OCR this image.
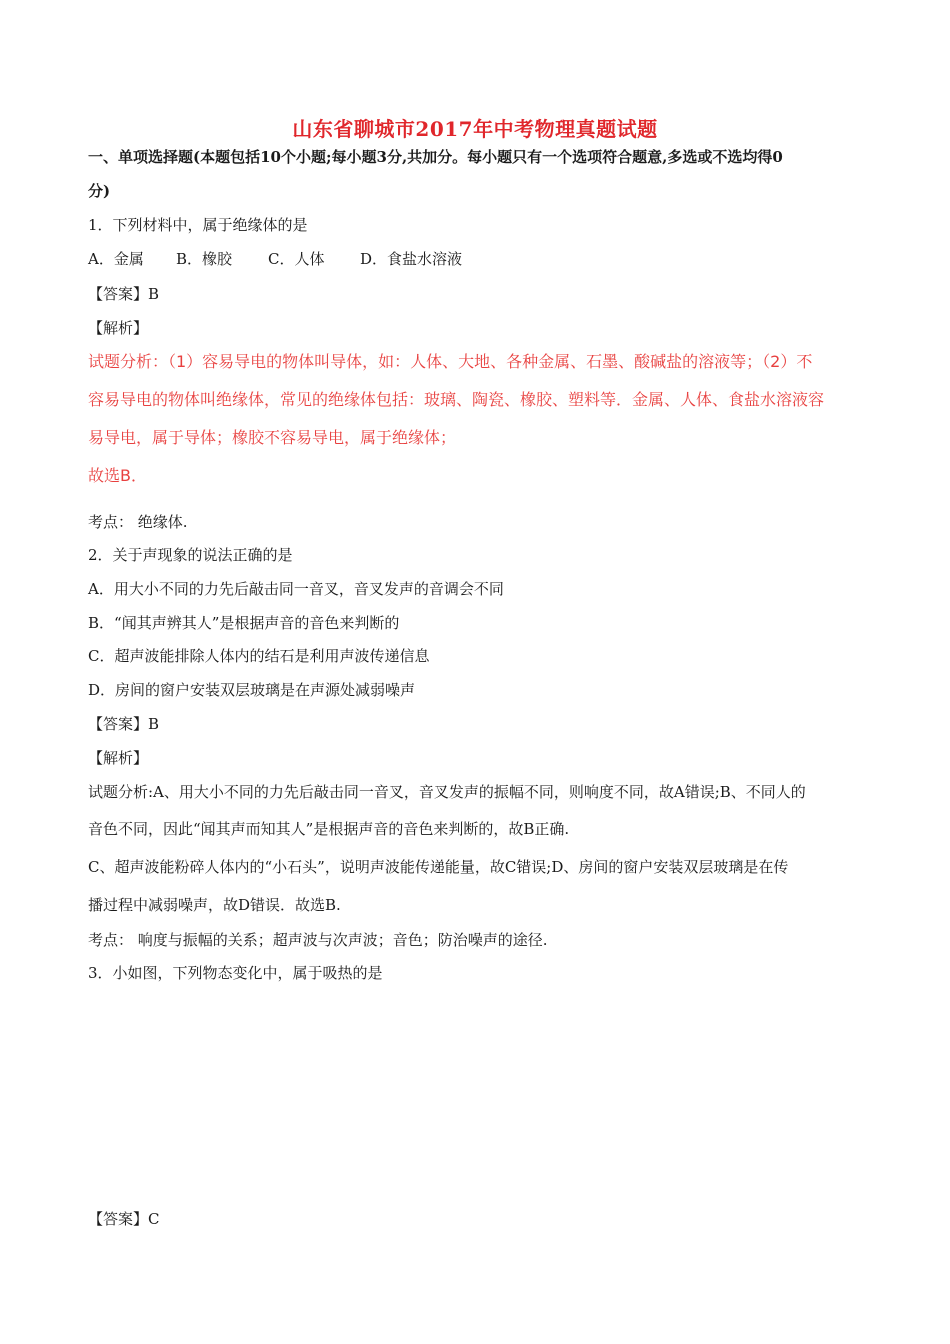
山东省聊城市2017年中考物理真题试题
一、单项选择题(本题包括10个小题;每小题3分,共加分。每小题只有一个选项符合题意,多选或不选均得0
分)
1．下列材料中，属于绝缘体的是
A．金属 B．橡胶 C．人体 D．食盐水溶液
【答案】B
【解析】
试题分析：（1）容易导电的物体叫导体，如：人体、大地、各种金属、石墨、酸碱盐的溶液等；（2）不
容易导电的物体叫绝缘体，常见的绝缘体包括：玻璃、陶瓷、橡胶、塑料等．金属、人体、食盐水溶液容
易导电，属于导体；橡胶不容易导电，属于绝缘体；
故选B．
考点： 绝缘体.
2．关于声现象的说法正确的是
A．用大小不同的力先后敲击同一音叉，音叉发声的音调会不同
B．“闻其声辨其人”是根据声音的音色来判断的
C．超声波能排除人体内的结石是利用声波传递信息
D．房间的窗户安装双层玻璃是在声源处减弱噪声
【答案】B
【解析】
试题分析:A、用大小不同的力先后敲击同一音叉，音叉发声的振幅不同，则响度不同，故A错误;B、不同人的
音色不同，因此“闻其声而知其人”是根据声音的音色来判断的，故B正确.
C、超声波能粉碎人体内的“小石头”，说明声波能传递能量，故C错误;D、房间的窗户安装双层玻璃是在传
播过程中减弱噪声，故D错误．故选B.
考点： 响度与振幅的关系；超声波与次声波；音色；防治噪声的途径.
3．小如图，下列物态变化中，属于吸热的是
【答案】C
